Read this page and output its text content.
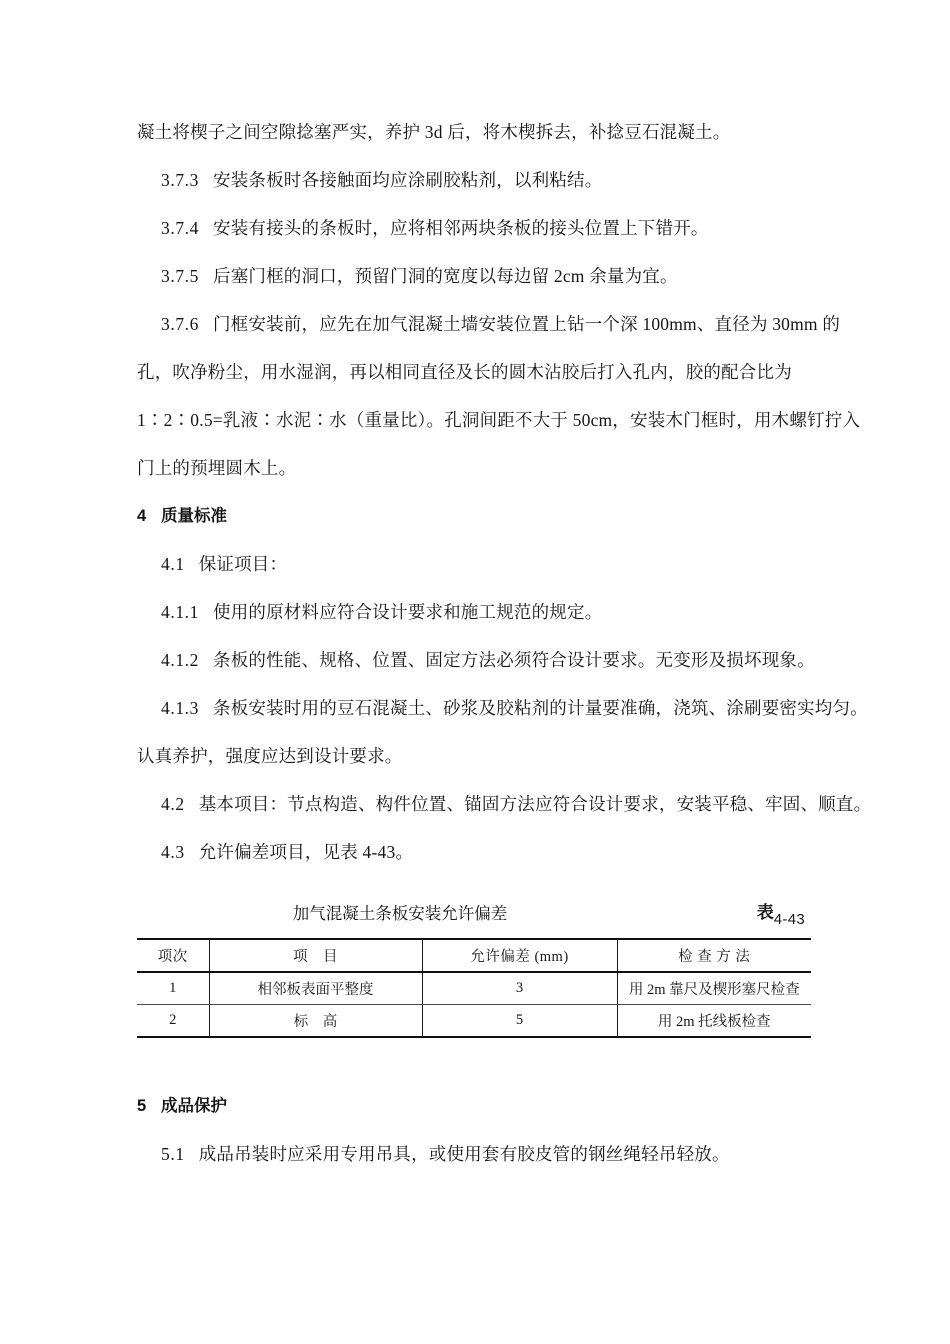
凝土将楔子之间空隙捻塞严实，养护 3d 后，将木楔拆去，补捻豆石混凝土。

3.7.3 安装条板时各接触面均应涂刷胶粘剂，以利粘结。

3.7.4 安装有接头的条板时，应将相邻两块条板的接头位置上下错开。

3.7.5 后塞门框的洞口，预留门洞的宽度以每边留 2cm 余量为宜。

3.7.6 门框安装前，应先在加气混凝土墙安装位置上钻一个深 100mm、直径为 30mm 的

孔，吹净粉尘，用水湿润，再以相同直径及长的圆木沾胶后打入孔内，胶的配合比为

1∶2∶0.5=乳液∶水泥∶水（重量比）。孔洞间距不大于 50cm，安装木门框时，用木螺钉拧入

门上的预埋圆木上。

4 质量标准

4.1 保证项目：

4.1.1 使用的原材料应符合设计要求和施工规范的规定。

4.1.2 条板的性能、规格、位置、固定方法必须符合设计要求。无变形及损坏现象。

4.1.3 条板安装时用的豆石混凝土、砂浆及胶粘剂的计量要准确，浇筑、涂刷要密实均匀。

认真养护，强度应达到设计要求。

4.2 基本项目：节点构造、构件位置、锚固方法应符合设计要求，安装平稳、牢固、顺直。

4.3 允许偏差项目，见表 4-43。

加气混凝土条板安装允许偏差	表4-43
项次	项　目	允许偏差 (mm)	检 查 方 法
1	相邻板表面平整度	3	用 2m 靠尺及楔形塞尺检查
2	标　高	5	用 2m 托线板检查

5 成品保护

5.1 成品吊装时应采用专用吊具，或使用套有胶皮管的钢丝绳轻吊轻放。
